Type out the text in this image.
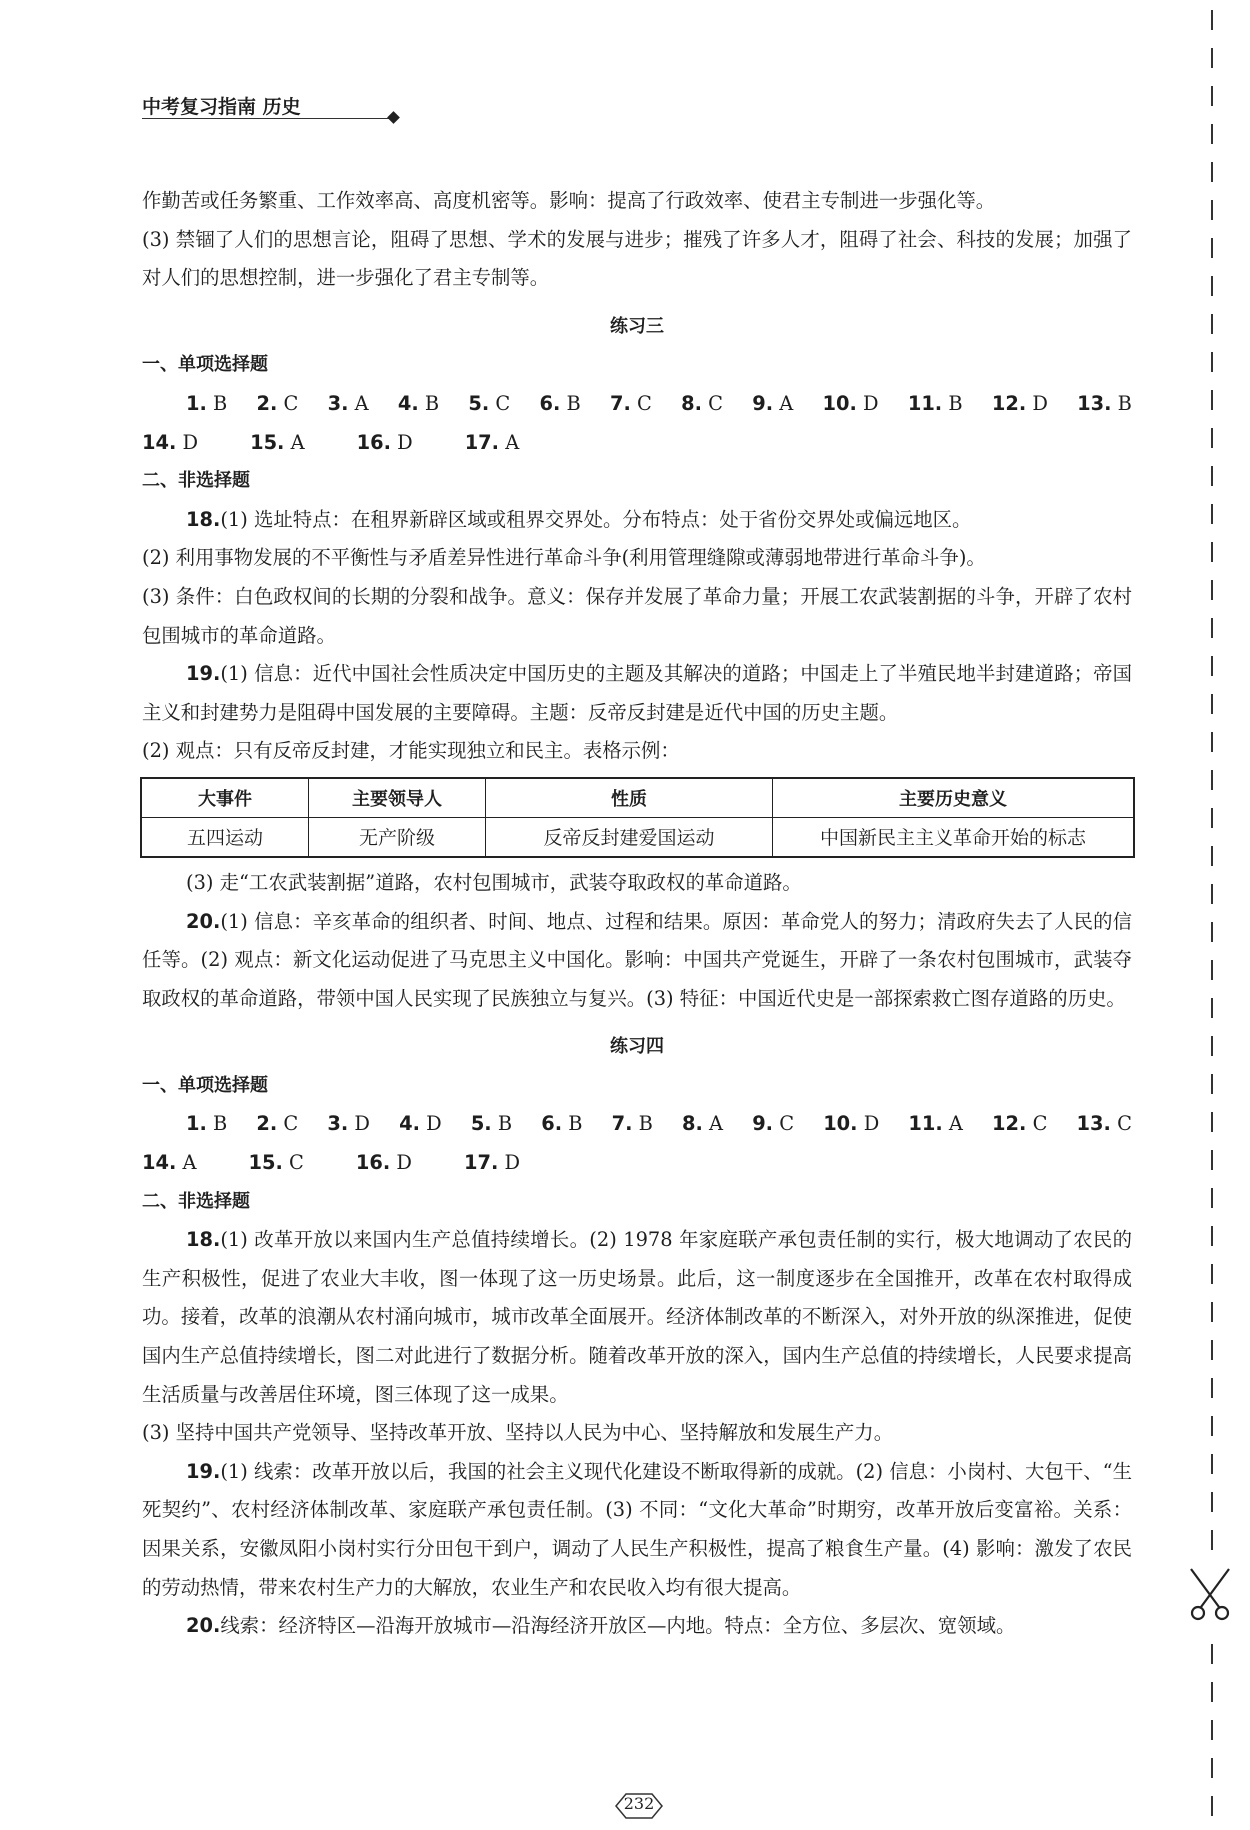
中考复习指南 历史

作勤苦或任务繁重、工作效率高、高度机密等。影响：提高了行政效率、使君主专制进一步强化等。

(3) 禁锢了人们的思想言论，阻碍了思想、学术的发展与进步；摧残了许多人才，阻碍了社会、科技的发展；加强了对人们的思想控制，进一步强化了君主专制等。

练习三

一、单项选择题

1. B 2. C 3. A 4. B 5. C 6. B 7. C 8. C 9. A 10. D 11. B 12. D 13. B
14. D	15. A	16. D	17. A

二、非选择题

18.(1) 选址特点：在租界新辟区域或租界交界处。分布特点：处于省份交界处或偏远地区。

(2) 利用事物发展的不平衡性与矛盾差异性进行革命斗争(利用管理缝隙或薄弱地带进行革命斗争)。

(3) 条件：白色政权间的长期的分裂和战争。意义：保存并发展了革命力量；开展工农武装割据的斗争，开辟了农村包围城市的革命道路。

19.(1) 信息：近代中国社会性质决定中国历史的主题及其解决的道路；中国走上了半殖民地半封建道路；帝国主义和封建势力是阻碍中国发展的主要障碍。主题：反帝反封建是近代中国的历史主题。

(2) 观点：只有反帝反封建，才能实现独立和民主。表格示例：

大事件	主要领导人	性质	主要历史意义
五四运动	无产阶级	反帝反封建爱国运动	中国新民主主义革命开始的标志

(3) 走“工农武装割据”道路，农村包围城市，武装夺取政权的革命道路。

20.(1) 信息：辛亥革命的组织者、时间、地点、过程和结果。原因：革命党人的努力；清政府失去了人民的信任等。(2) 观点：新文化运动促进了马克思主义中国化。影响：中国共产党诞生，开辟了一条农村包围城市，武装夺取政权的革命道路，带领中国人民实现了民族独立与复兴。(3) 特征：中国近代史是一部探索救亡图存道路的历史。

练习四

一、单项选择题

1. B 2. C 3. D 4. D 5. B 6. B 7. B 8. A 9. C 10. D 11. A 12. C 13. C
14. A	15. C	16. D	17. D

二、非选择题

18.(1) 改革开放以来国内生产总值持续增长。(2) 1978 年家庭联产承包责任制的实行，极大地调动了农民的生产积极性，促进了农业大丰收，图一体现了这一历史场景。此后，这一制度逐步在全国推开，改革在农村取得成功。接着，改革的浪潮从农村涌向城市，城市改革全面展开。经济体制改革的不断深入，对外开放的纵深推进，促使国内生产总值持续增长，图二对此进行了数据分析。随着改革开放的深入，国内生产总值的持续增长，人民要求提高生活质量与改善居住环境，图三体现了这一成果。

(3) 坚持中国共产党领导、坚持改革开放、坚持以人民为中心、坚持解放和发展生产力。

19.(1) 线索：改革开放以后，我国的社会主义现代化建设不断取得新的成就。(2) 信息：小岗村、大包干、“生死契约”、农村经济体制改革、家庭联产承包责任制。(3) 不同：“文化大革命”时期穷，改革开放后变富裕。关系：因果关系，安徽凤阳小岗村实行分田包干到户，调动了人民生产积极性，提高了粮食生产量。(4) 影响：激发了农民的劳动热情，带来农村生产力的大解放，农业生产和农民收入均有很大提高。

20.线索：经济特区—沿海开放城市—沿海经济开放区—内地。特点：全方位、多层次、宽领域。

232
